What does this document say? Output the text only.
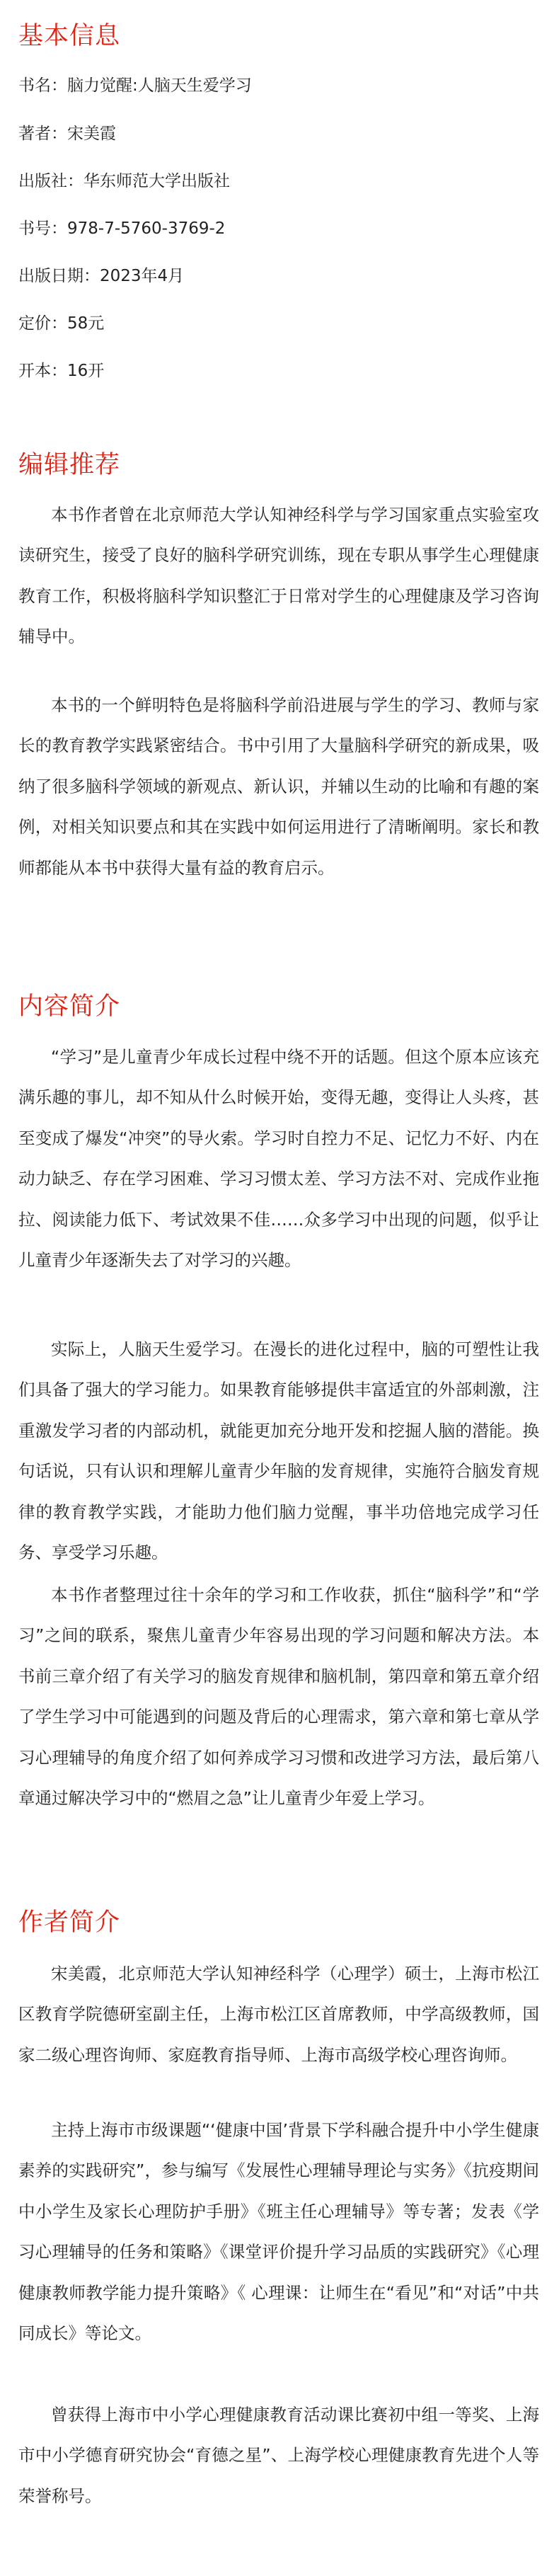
基本信息

书名：脑力觉醒:人脑天生爱学习

著者：宋美霞

出版社：华东师范大学出版社

书号：978-7-5760-3769-2

出版日期：2023年4月

定价：58元

开本：16开

编辑推荐

本书作者曾在北京师范大学认知神经科学与学习国家重点实验室攻读研究生，接受了良好的脑科学研究训练，现在专职从事学生心理健康教育工作，积极将脑科学知识整汇于日常对学生的心理健康及学习咨询辅导中。

本书的一个鲜明特色是将脑科学前沿进展与学生的学习、教师与家长的教育教学实践紧密结合。书中引用了大量脑科学研究的新成果，吸纳了很多脑科学领域的新观点、新认识，并辅以生动的比喻和有趣的案例，对相关知识要点和其在实践中如何运用进行了清晰阐明。家长和教师都能从本书中获得大量有益的教育启示。

内容简介

“学习”是儿童青少年成长过程中绕不开的话题。但这个原本应该充满乐趣的事儿，却不知从什么时候开始，变得无趣，变得让人头疼，甚至变成了爆发“冲突”的导火索。学习时自控力不足、记忆力不好、内在动力缺乏、存在学习困难、学习习惯太差、学习方法不对、完成作业拖拉、阅读能力低下、考试效果不佳……众多学习中出现的问题，似乎让儿童青少年逐渐失去了对学习的兴趣。

实际上，人脑天生爱学习。在漫长的进化过程中，脑的可塑性让我们具备了强大的学习能力。如果教育能够提供丰富适宜的外部刺激，注重激发学习者的内部动机，就能更加充分地开发和挖掘人脑的潜能。换句话说，只有认识和理解儿童青少年脑的发育规律，实施符合脑发育规律的教育教学实践，才能助力他们脑力觉醒，事半功倍地完成学习任务、享受学习乐趣。

本书作者整理过往十余年的学习和工作收获，抓住“脑科学”和“学习”之间的联系，聚焦儿童青少年容易出现的学习问题和解决方法。本书前三章介绍了有关学习的脑发育规律和脑机制，第四章和第五章介绍了学生学习中可能遇到的问题及背后的心理需求，第六章和第七章从学习心理辅导的角度介绍了如何养成学习习惯和改进学习方法，最后第八章通过解决学习中的“燃眉之急”让儿童青少年爱上学习。

作者简介

宋美霞，北京师范大学认知神经科学（心理学）硕士，上海市松江区教育学院德研室副主任，上海市松江区首席教师，中学高级教师，国家二级心理咨询师、家庭教育指导师、上海市高级学校心理咨询师。

主持上海市市级课题“‘健康中国’背景下学科融合提升中小学生健康素养的实践研究”，参与编写《发展性心理辅导理论与实务》《抗疫期间中小学生及家长心理防护手册》《班主任心理辅导》等专著；发表《学习心理辅导的任务和策略》《课堂评价提升学习品质的实践研究》《心理健康教师教学能力提升策略》《 心理课：让师生在“看见”和“对话”中共同成长》等论文。

曾获得上海市中小学心理健康教育活动课比赛初中组一等奖、上海市中小学德育研究协会“育德之星”、上海学校心理健康教育先进个人等荣誉称号。
